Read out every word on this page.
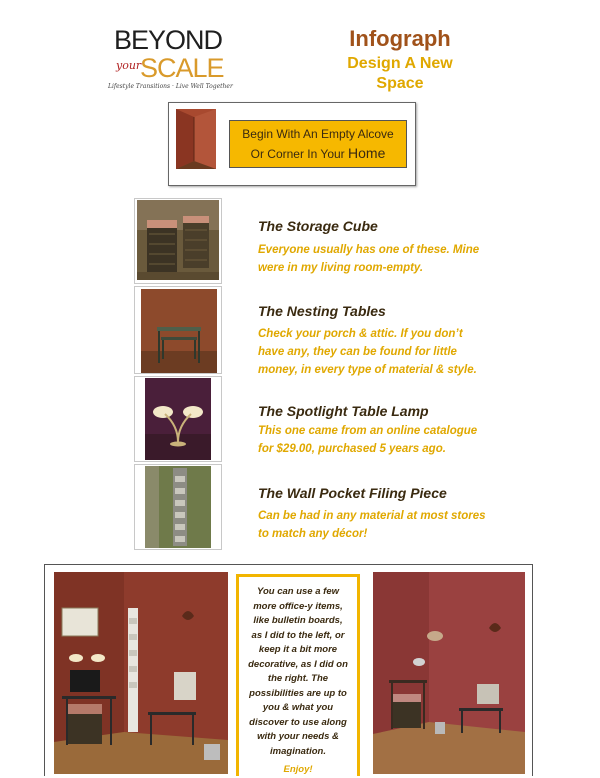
BEYOND
your
SCALE
Lifestyle Transitions · Live Well Together
Infograph
Design A New
Space
Begin With An Empty Alcove
Or Corner In Your Home
The Storage Cube
Everyone usually has one of these. Mine
were in my living room-empty.
The Nesting Tables
Check your porch & attic. If you don’t
have any, they can be found for little
money, in every type of material & style.
The Spotlight Table Lamp
This one came from an online catalogue
for $29.00, purchased 5 years ago.
The Wall Pocket Filing Piece
Can be had in any material at most stores
to match any décor!
You can use a few
more office-y items,
like bulletin boards,
as I did to the left, or
keep it a bit more
decorative, as I did on
the right. The
possibilities are up to
you & what you
discover to use along
with your needs &
imagination.
Enjoy!
